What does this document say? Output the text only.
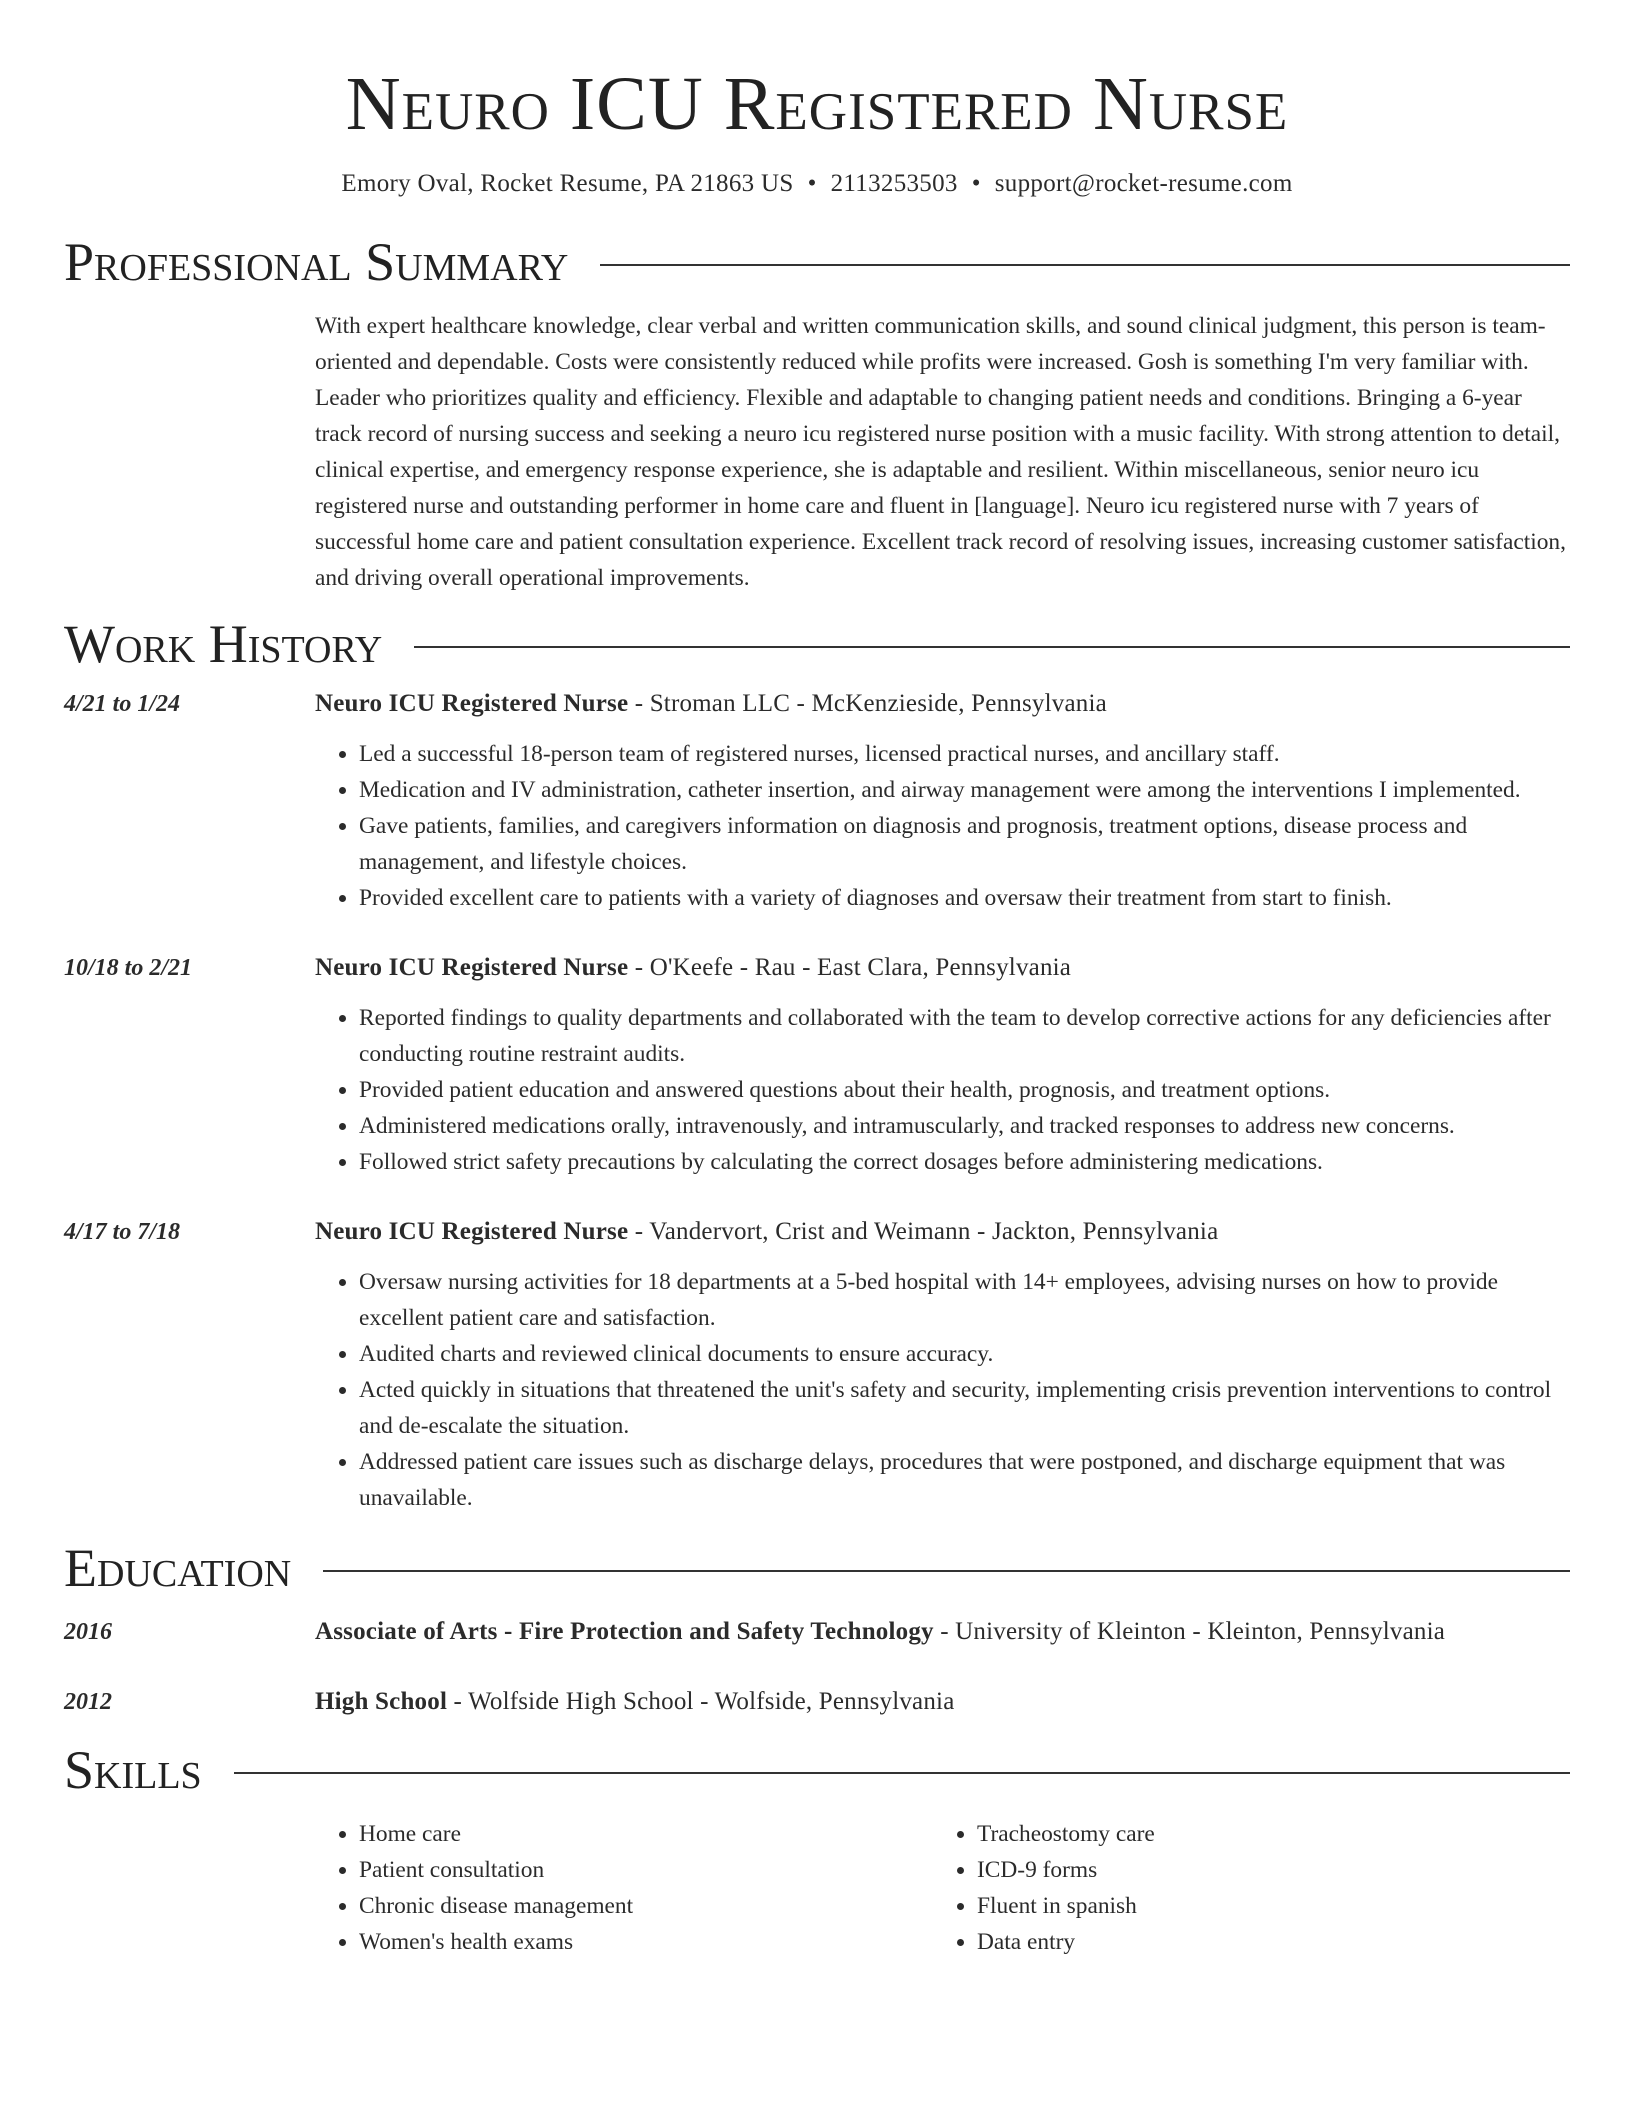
Neuro ICU Registered Nurse
Emory Oval, Rocket Resume, PA 21863 US • 2113253503 • support@rocket-resume.com
Professional Summary
With expert healthcare knowledge, clear verbal and written communication skills, and sound clinical judgment, this person is team-oriented and dependable. Costs were consistently reduced while profits were increased. Gosh is something I'm very familiar with. Leader who prioritizes quality and efficiency. Flexible and adaptable to changing patient needs and conditions. Bringing a 6-year track record of nursing success and seeking a neuro icu registered nurse position with a music facility. With strong attention to detail, clinical expertise, and emergency response experience, she is adaptable and resilient. Within miscellaneous, senior neuro icu registered nurse and outstanding performer in home care and fluent in [language]. Neuro icu registered nurse with 7 years of successful home care and patient consultation experience. Excellent track record of resolving issues, increasing customer satisfaction, and driving overall operational improvements.
Work History
4/21 to 1/24	Neuro ICU Registered Nurse - Stroman LLC - McKenzieside, Pennsylvania
• Led a successful 18-person team of registered nurses, licensed practical nurses, and ancillary staff.
• Medication and IV administration, catheter insertion, and airway management were among the interventions I implemented.
• Gave patients, families, and caregivers information on diagnosis and prognosis, treatment options, disease process and management, and lifestyle choices.
• Provided excellent care to patients with a variety of diagnoses and oversaw their treatment from start to finish.
10/18 to 2/21	Neuro ICU Registered Nurse - O'Keefe - Rau - East Clara, Pennsylvania
• Reported findings to quality departments and collaborated with the team to develop corrective actions for any deficiencies after conducting routine restraint audits.
• Provided patient education and answered questions about their health, prognosis, and treatment options.
• Administered medications orally, intravenously, and intramuscularly, and tracked responses to address new concerns.
• Followed strict safety precautions by calculating the correct dosages before administering medications.
4/17 to 7/18	Neuro ICU Registered Nurse - Vandervort, Crist and Weimann - Jackton, Pennsylvania
• Oversaw nursing activities for 18 departments at a 5-bed hospital with 14+ employees, advising nurses on how to provide excellent patient care and satisfaction.
• Audited charts and reviewed clinical documents to ensure accuracy.
• Acted quickly in situations that threatened the unit's safety and security, implementing crisis prevention interventions to control and de-escalate the situation.
• Addressed patient care issues such as discharge delays, procedures that were postponed, and discharge equipment that was unavailable.
Education
2016	Associate of Arts - Fire Protection and Safety Technology - University of Kleinton - Kleinton, Pennsylvania
2012	High School - Wolfside High School - Wolfside, Pennsylvania
Skills
• Home care
• Patient consultation
• Chronic disease management
• Women's health exams
• Tracheostomy care
• ICD-9 forms
• Fluent in spanish
• Data entry
